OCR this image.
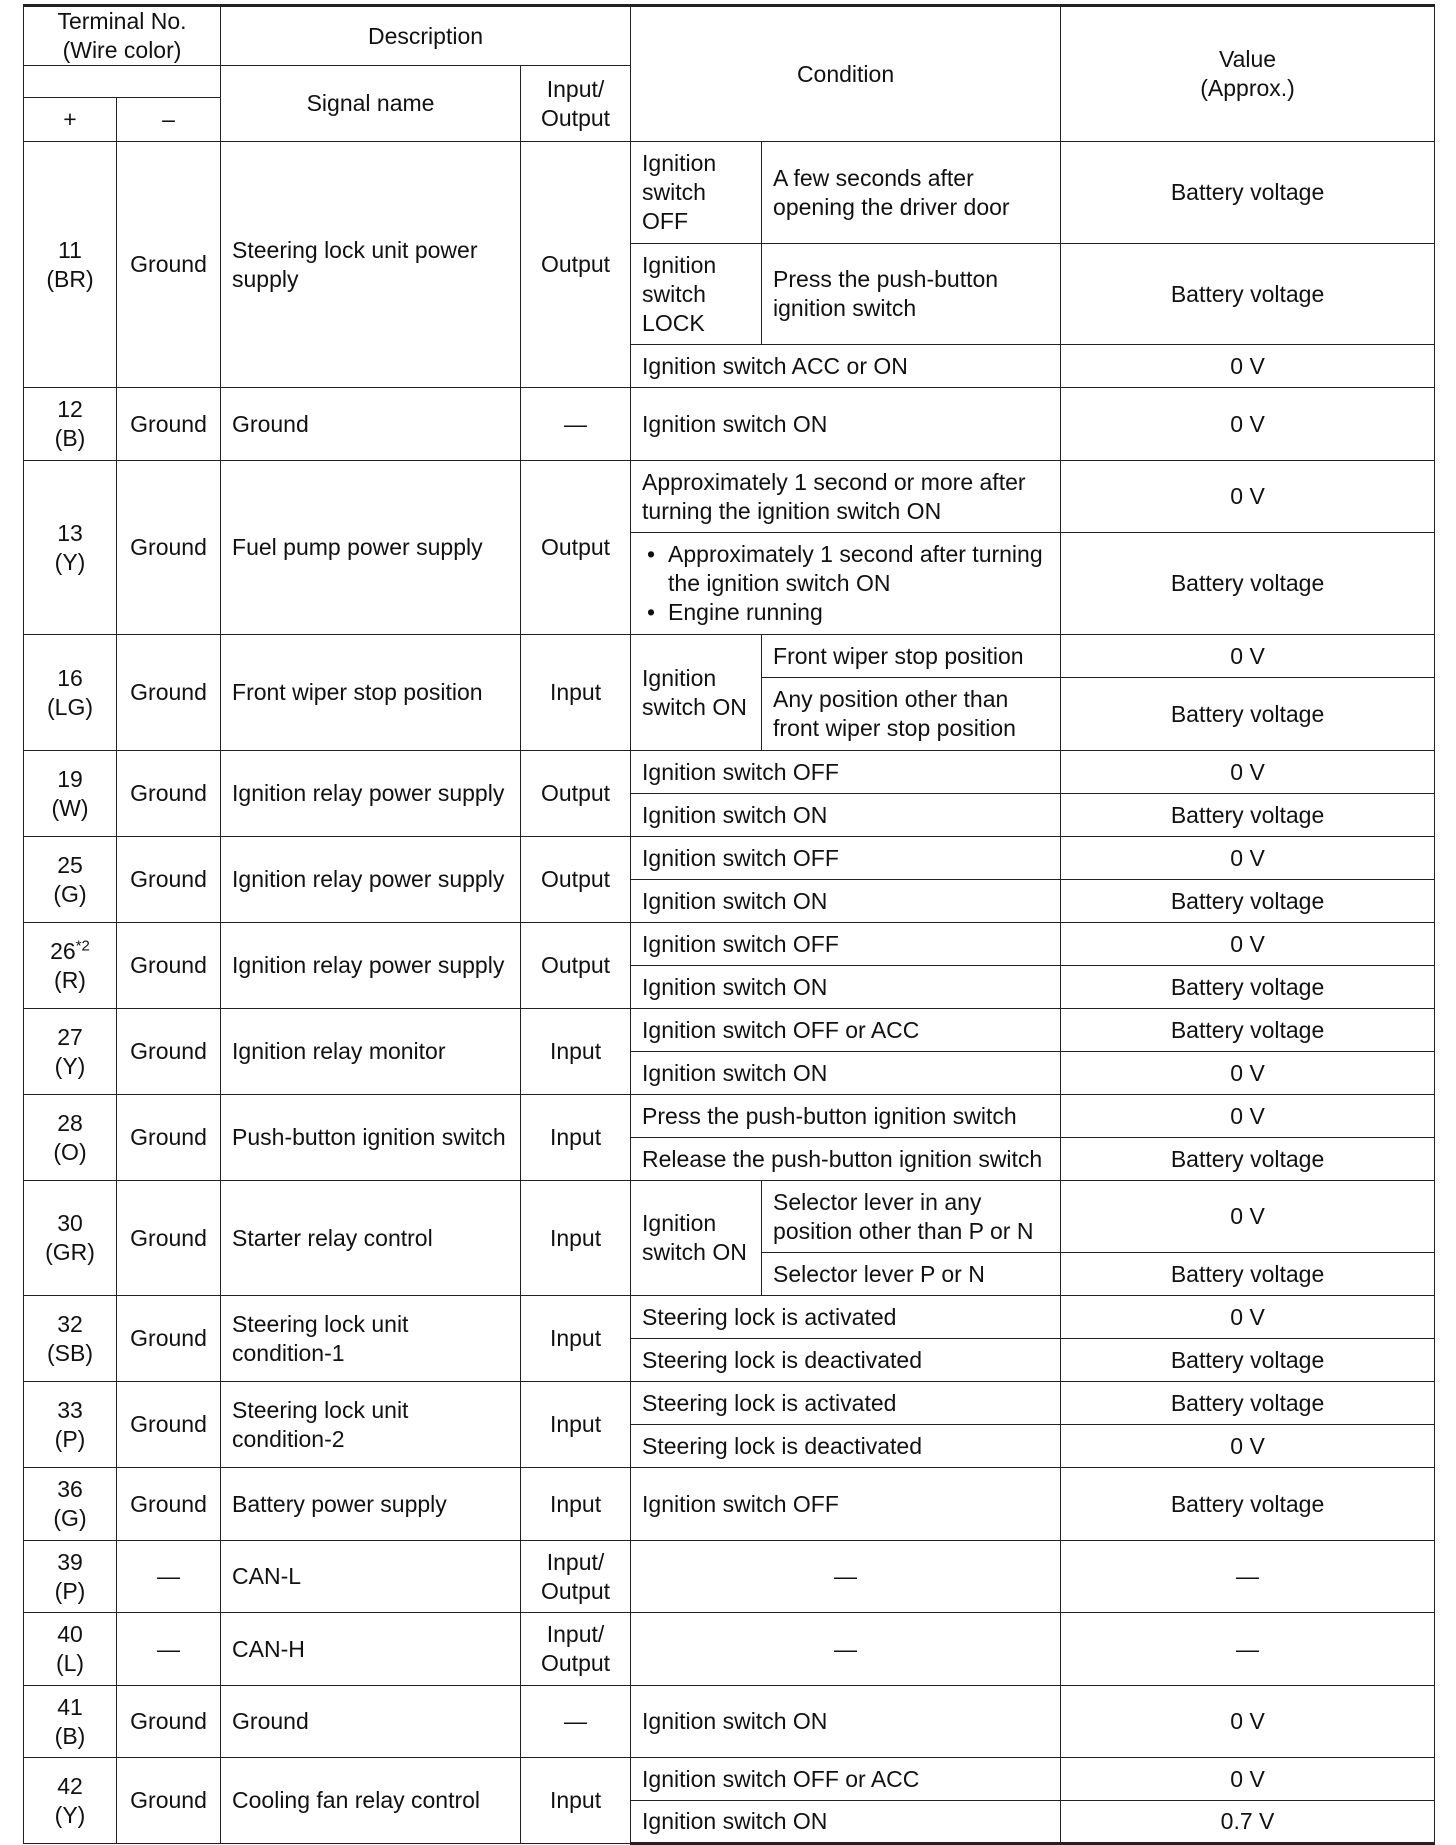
Terminal No.
(Wire color)		Description		Condition		Value
(Approx.)
		Signal name	Input/
Output			
+	–					
11
(BR)	Ground	Steering lock unit power supply	Output	Ignition switch OFF	A few seconds after opening the driver door	Battery voltage
				Ignition switch LOCK	Press the push-button ignition switch	Battery voltage
				Ignition switch ACC or ON		0 V
12
(B)	Ground	Ground	—	Ignition switch ON		0 V
13
(Y)	Ground	Fuel pump power supply	Output	Approximately 1 second or more after turning the ignition switch ON		0 V

				• Approximately 1 second after turning the ignition switch ON
• Engine running		Battery voltage
16
(LG)	Ground	Front wiper stop position	Input	Ignition switch ON	Front wiper stop position	0 V
					Any position other than front wiper stop position	Battery voltage
19
(W)	Ground	Ignition relay power supply	Output	Ignition switch OFF		0 V
				Ignition switch ON		Battery voltage
25
(G)	Ground	Ignition relay power supply	Output	Ignition switch OFF		0 V
				Ignition switch ON		Battery voltage
26$^{*2}$
(R)	Ground	Ignition relay power supply	Output	Ignition switch OFF		0 V
				Ignition switch ON		Battery voltage
27
(Y)	Ground	Ignition relay monitor	Input	Ignition switch OFF or ACC		Battery voltage
				Ignition switch ON		0 V
28
(O)	Ground	Push-button ignition switch	Input	Press the push-button ignition switch		0 V
				Release the push-button ignition switch		Battery voltage
30
(GR)	Ground	Starter relay control	Input	Ignition switch ON	Selector lever in any position other than P or N	0 V
					Selector lever P or N	Battery voltage
32
(SB)	Ground	Steering lock unit condition-1	Input	Steering lock is activated		0 V
				Steering lock is deactivated		Battery voltage
33
(P)	Ground	Steering lock unit condition-2	Input	Steering lock is activated		Battery voltage
				Steering lock is deactivated		0 V
36
(G)	Ground	Battery power supply	Input	Ignition switch OFF		Battery voltage
39
(P)	—	CAN-L	Input/
Output	—		—
40
(L)	—	CAN-H	Input/
Output	—		—
41
(B)	Ground	Ground	—	Ignition switch ON		0 V
42
(Y)	Ground	Cooling fan relay control	Input	Ignition switch OFF or ACC		0 V
				Ignition switch ON		0.7 V
